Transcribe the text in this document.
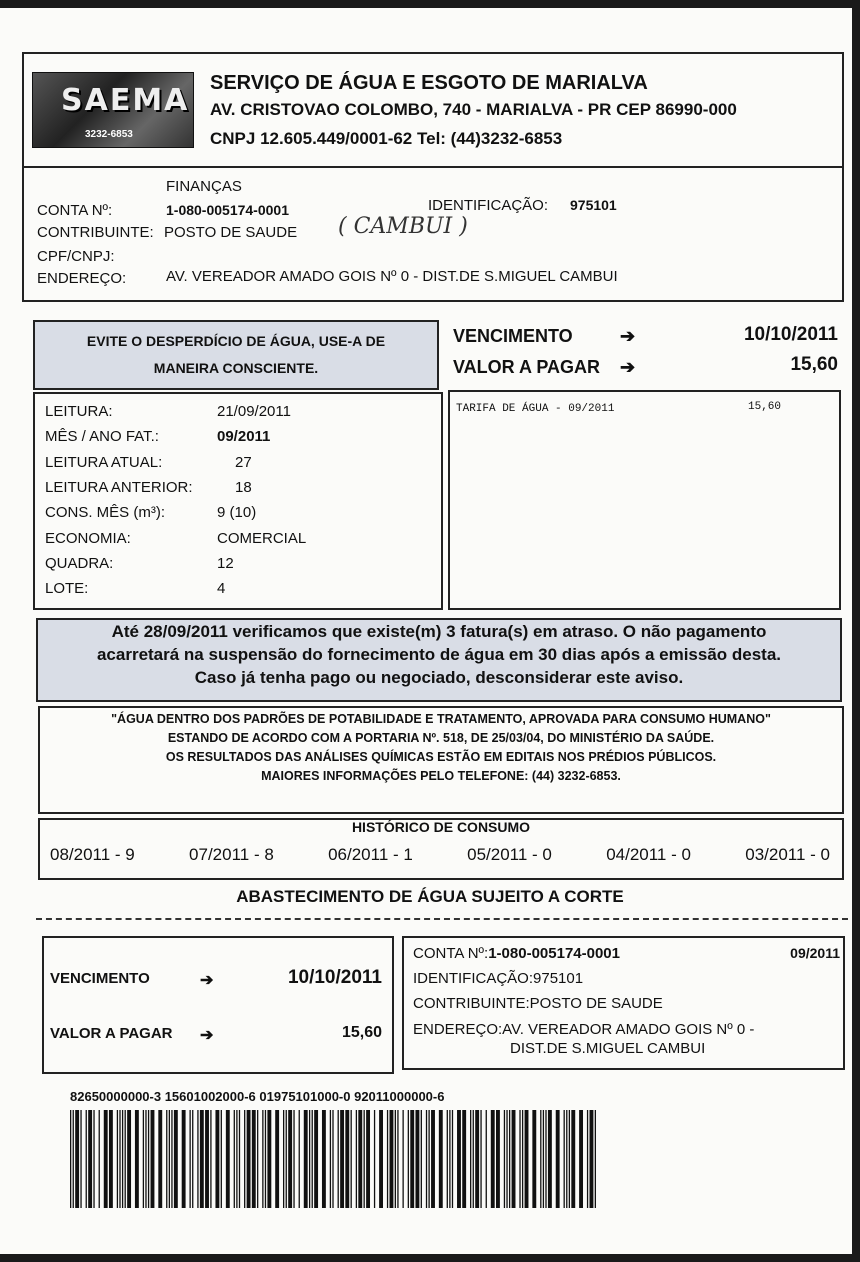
SAEMA
3232-6853
SERVIÇO DE ÁGUA E ESGOTO DE MARIALVA
AV. CRISTOVAO COLOMBO, 740 - MARIALVA - PR CEP 86990-000
CNPJ 12.605.449/0001-62 Tel: (44)3232-6853
FINANÇAS
CONTA Nº:	1-080-005174-0001	IDENTIFICAÇÃO: 975101
CONTRIBUINTE: POSTO DE SAUDE ( CAMBUI )
CPF/CNPJ:
ENDEREÇO:	AV. VEREADOR AMADO GOIS Nº 0 - DIST.DE S.MIGUEL CAMBUI
EVITE O DESPERDÍCIO DE ÁGUA, USE-A DE
MANEIRA CONSCIENTE.
VENCIMENTO	➔	10/10/2011
VALOR A PAGAR ➔	15,60
LEITURA:	21/09/2011
MÊS / ANO FAT.:	09/2011
LEITURA ATUAL:	27
LEITURA ANTERIOR:	18
CONS. MÊS (m³):	9 (10)
ECONOMIA:	COMERCIAL
QUADRA:	12
LOTE:	4
TARIFA DE ÁGUA - 09/2011	15,60
Até 28/09/2011 verificamos que existe(m) 3 fatura(s) em atraso. O não pagamento
acarretará na suspensão do fornecimento de água em 30 dias após a emissão desta.
Caso já tenha pago ou negociado, desconsiderar este aviso.
"ÁGUA DENTRO DOS PADRÕES DE POTABILIDADE E TRATAMENTO, APROVADA PARA CONSUMO HUMANO"
ESTANDO DE ACORDO COM A PORTARIA Nº. 518, DE 25/03/04, DO MINISTÉRIO DA SAÚDE.
OS RESULTADOS DAS ANÁLISES QUÍMICAS ESTÃO EM EDITAIS NOS PRÉDIOS PÚBLICOS.
MAIORES INFORMAÇÕES PELO TELEFONE: (44) 3232-6853.
HISTÓRICO DE CONSUMO
08/2011 - 9	07/2011 - 8	06/2011 - 1	05/2011 - 0	04/2011 - 0	03/2011 - 0
ABASTECIMENTO DE ÁGUA SUJEITO A CORTE
VENCIMENTO	➔	10/10/2011
VALOR A PAGAR ➔	15,60
CONTA Nº:1-080-005174-0001	09/2011
IDENTIFICAÇÃO:975101
CONTRIBUINTE:POSTO DE SAUDE
ENDEREÇO:AV. VEREADOR AMADO GOIS Nº 0 -
DIST.DE S.MIGUEL CAMBUI
82650000000-3 15601002000-6 01975101000-0 92011000000-6
